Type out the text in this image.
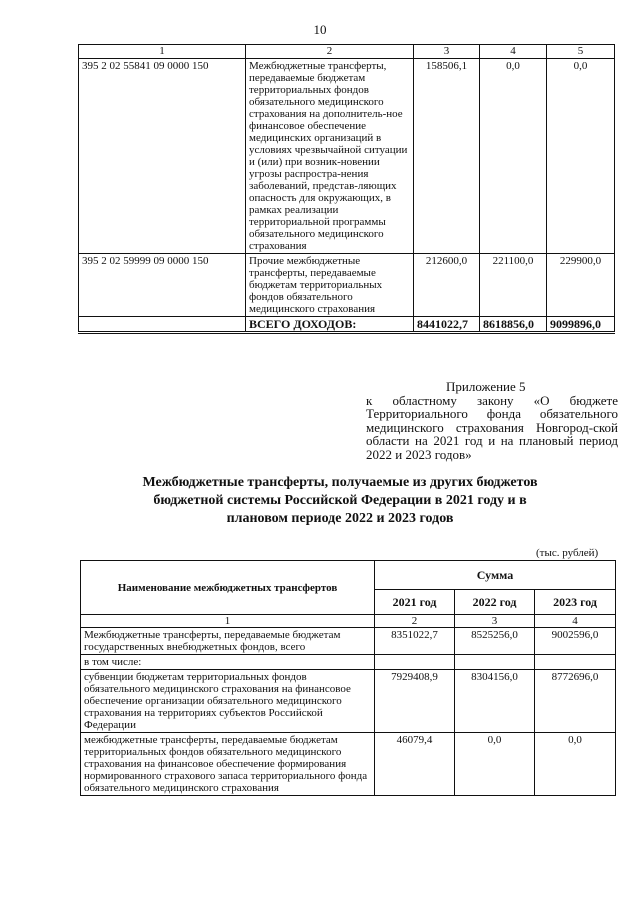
10
1	2	3	4	5
395 2 02 55841 09 0000 150	Межбюджетные трансферты, передаваемые бюджетам территориальных фондов обязательного медицинского страхования на дополнитель-ное финансовое обеспечение медицинских организаций в условиях чрезвычайной ситуации и (или) при возник-новении угрозы распростра-нения заболеваний, представ-ляющих опасность для окружающих, в рамках реализации территориальной программы обязательного медицинского страхования	158506,1	0,0	0,0
395 2 02 59999 09 0000 150	Прочие межбюджетные трансферты, передаваемые бюджетам территориальных фондов обязательного медицинского страхования	212600,0	221100,0	229900,0
	ВСЕГО ДОХОДОВ:	8441022,7	8618856,0	9099896,0
Приложение 5
к областному закону «О бюджете Территориального фонда обязательного медицинского страхования Новгород-ской области на 2021 год и на плановый период 2022 и 2023 годов»
Межбюджетные трансферты, получаемые из других бюджетов бюджетной системы Российской Федерации в 2021 году и в плановом периоде 2022 и 2023 годов
(тыс. рублей)
Наименование межбюджетных трансфертов	Сумма		
	2021 год	2022 год	2023 год
1	2	3	4
Межбюджетные трансферты, передаваемые бюджетам государственных внебюджетных фондов, всего	8351022,7	8525256,0	9002596,0
в том числе:			
субвенции бюджетам территориальных фондов обязательного медицинского страхования на финансовое обеспечение организации обязательного медицинского страхования на территориях субъектов Российской Федерации	7929408,9	8304156,0	8772696,0
межбюджетные трансферты, передаваемые бюджетам территориальных фондов обязательного медицинского страхования на финансовое обеспечение формирования нормированного страхового запаса территориального фонда обязательного медицинского страхования	46079,4	0,0	0,0
